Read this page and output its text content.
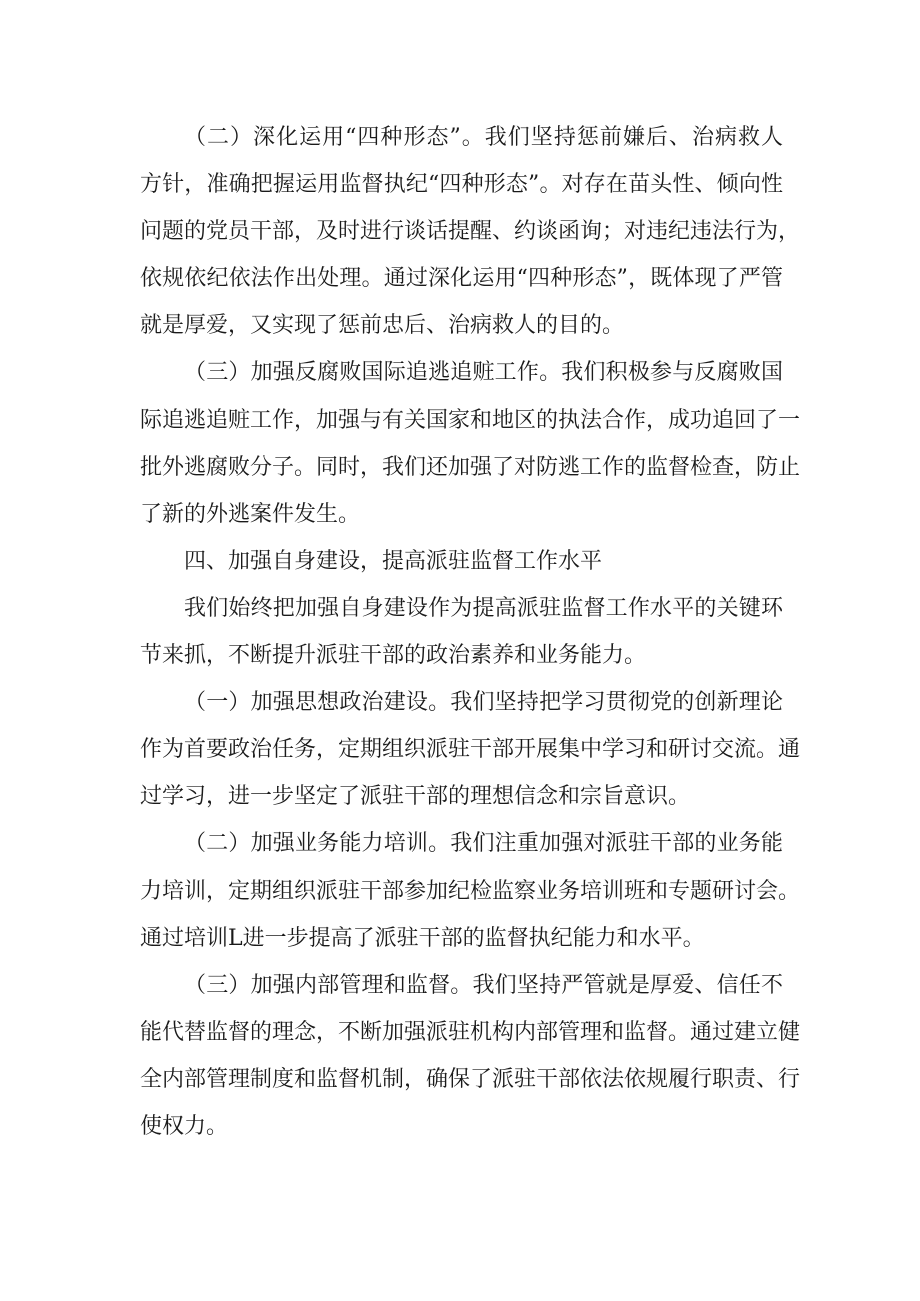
（二）深化运用“四种形态”。我们坚持惩前嫌后、治病救人
方针，准确把握运用监督执纪“四种形态”。对存在苗头性、倾向性
问题的党员干部，及时进行谈话提醒、约谈函询；对违纪违法行为，
依规依纪依法作出处理。通过深化运用“四种形态”，既体现了严管
就是厚爱，又实现了惩前忠后、治病救人的目的。
（三）加强反腐败国际追逃追赃工作。我们积极参与反腐败国
际追逃追赃工作，加强与有关国家和地区的执法合作，成功追回了一
批外逃腐败分子。同时，我们还加强了对防逃工作的监督检查，防止
了新的外逃案件发生。
四、加强自身建设，提高派驻监督工作水平
我们始终把加强自身建设作为提高派驻监督工作水平的关键环
节来抓，不断提升派驻干部的政治素养和业务能力。
（一）加强思想政治建设。我们坚持把学习贯彻党的创新理论
作为首要政治任务，定期组织派驻干部开展集中学习和研讨交流。通
过学习，进一步坚定了派驻干部的理想信念和宗旨意识。
（二）加强业务能力培训。我们注重加强对派驻干部的业务能
力培训，定期组织派驻干部参加纪检监察业务培训班和专题研讨会。
通过培训L进一步提高了派驻干部的监督执纪能力和水平。
（三）加强内部管理和监督。我们坚持严管就是厚爱、信任不
能代替监督的理念，不断加强派驻机构内部管理和监督。通过建立健
全内部管理制度和监督机制，确保了派驻干部依法依规履行职责、行
使权力。
